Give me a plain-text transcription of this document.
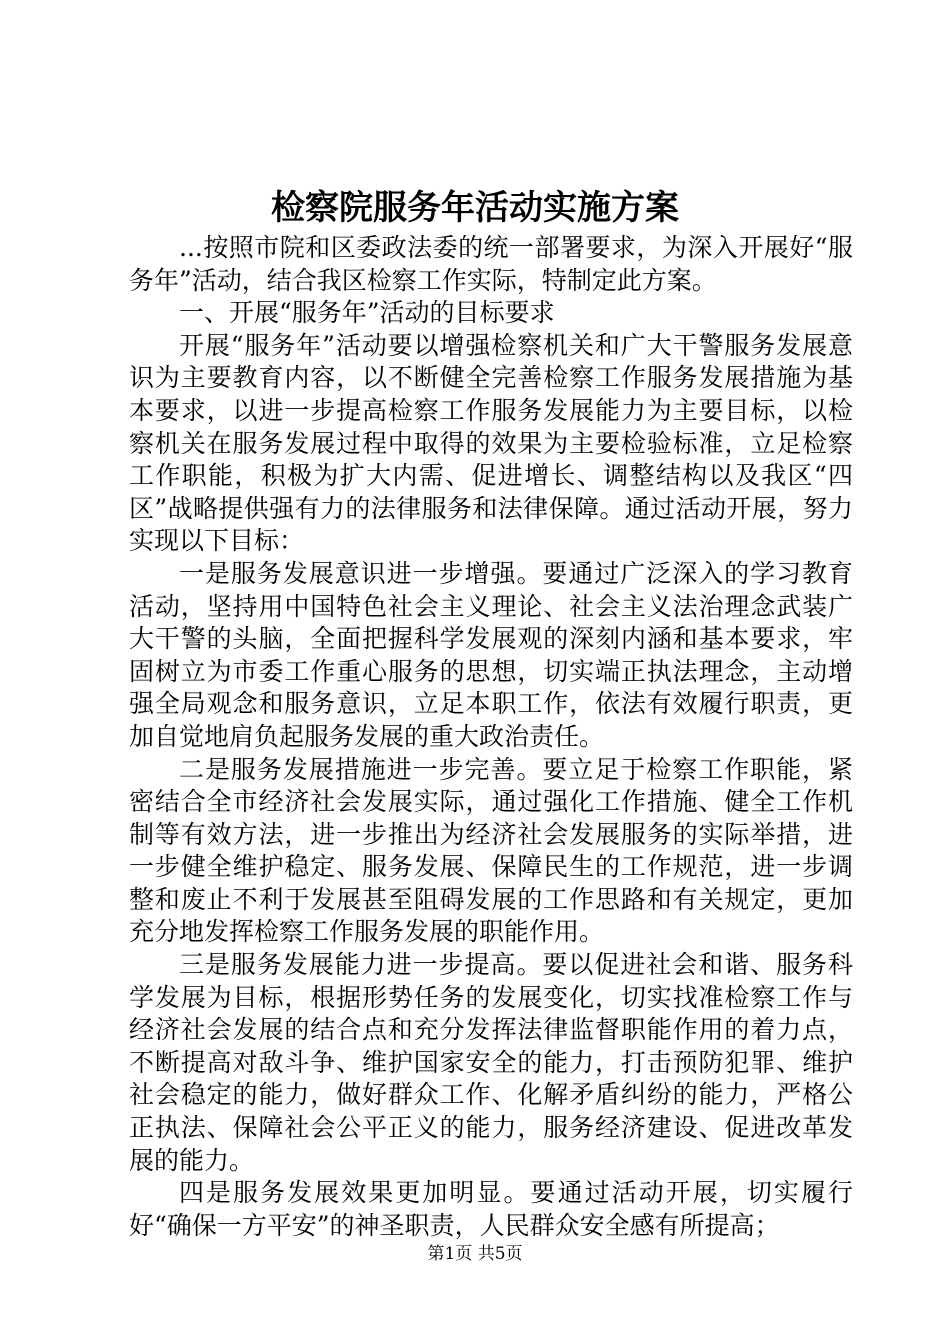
检察院服务年活动实施方案

...按照市院和区委政法委的统一部署要求，为深入开展好“服务年”活动，结合我区检察工作实际，特制定此方案。

一、开展“服务年”活动的目标要求

开展“服务年”活动要以增强检察机关和广大干警服务发展意识为主要教育内容，以不断健全完善检察工作服务发展措施为基本要求，以进一步提高检察工作服务发展能力为主要目标，以检察机关在服务发展过程中取得的效果为主要检验标准，立足检察工作职能，积极为扩大内需、促进增长、调整结构以及我区“四区”战略提供强有力的法律服务和法律保障。通过活动开展，努力实现以下目标：

一是服务发展意识进一步增强。要通过广泛深入的学习教育活动，坚持用中国特色社会主义理论、社会主义法治理念武装广大干警的头脑，全面把握科学发展观的深刻内涵和基本要求，牢固树立为市委工作重心服务的思想，切实端正执法理念，主动增强全局观念和服务意识，立足本职工作，依法有效履行职责，更加自觉地肩负起服务发展的重大政治责任。

二是服务发展措施进一步完善。要立足于检察工作职能，紧密结合全市经济社会发展实际，通过强化工作措施、健全工作机制等有效方法，进一步推出为经济社会发展服务的实际举措，进一步健全维护稳定、服务发展、保障民生的工作规范，进一步调整和废止不利于发展甚至阻碍发展的工作思路和有关规定，更加充分地发挥检察工作服务发展的职能作用。

三是服务发展能力进一步提高。要以促进社会和谐、服务科学发展为目标，根据形势任务的发展变化，切实找准检察工作与经济社会发展的结合点和充分发挥法律监督职能作用的着力点，不断提高对敌斗争、维护国家安全的能力，打击预防犯罪、维护社会稳定的能力，做好群众工作、化解矛盾纠纷的能力，严格公正执法、保障社会公平正义的能力，服务经济建设、促进改革发展的能力。

四是服务发展效果更加明显。要通过活动开展，切实履行好“确保一方平安”的神圣职责，人民群众安全感有所提高；

第1页 共5页
